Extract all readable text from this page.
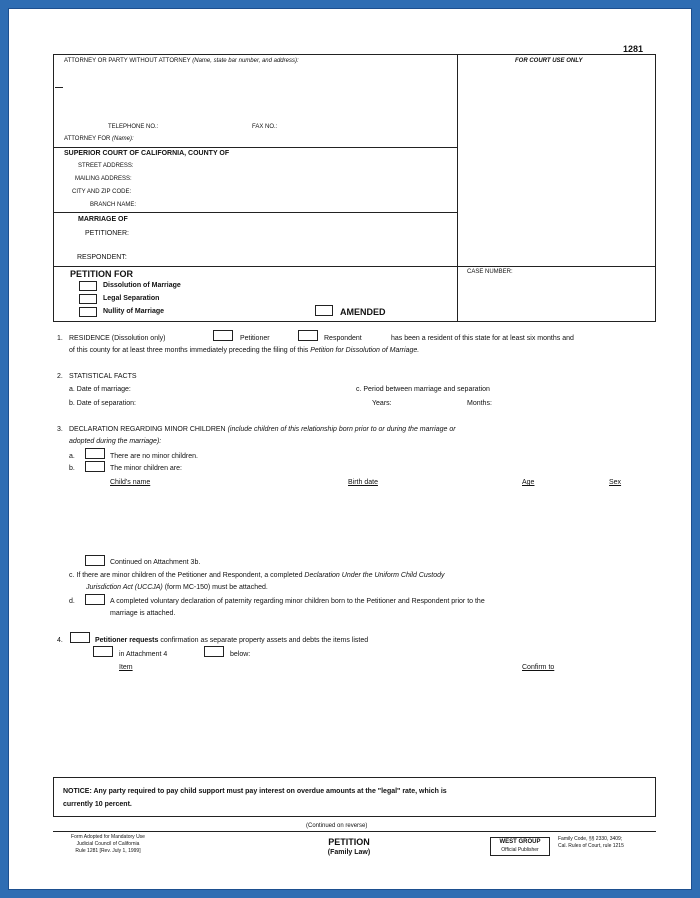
1281
ATTORNEY OR PARTY WITHOUT ATTORNEY (Name, state bar number, and address):	FOR COURT USE ONLY
TELEPHONE NO.:	FAX NO.:
ATTORNEY FOR (Name):
SUPERIOR COURT OF CALIFORNIA, COUNTY OF
STREET ADDRESS:
MAILING ADDRESS:
CITY AND ZIP CODE:
BRANCH NAME:
MARRIAGE OF
PETITIONER:
RESPONDENT:
PETITION FOR
Dissolution of Marriage
Legal Separation
Nullity of Marriage	AMENDED
CASE NUMBER:
1. RESIDENCE (Dissolution only)	Petitioner	Respondent	has been a resident of this state for at least six months and
of this county for at least three months immediately preceding the filing of this Petition for Dissolution of Marriage.
2. STATISTICAL FACTS
a. Date of marriage:
b. Date of separation:
c. Period between marriage and separation
Years:	Months:
3. DECLARATION REGARDING MINOR CHILDREN (include children of this relationship born prior to or during the marriage or
adopted during the marriage):
a.	There are no minor children.
b.	The minor children are:
Child's name	Birth date	Age	Sex
Continued on Attachment 3b.
c. If there are minor children of the Petitioner and Respondent, a completed Declaration Under the Uniform Child Custody
Jurisdiction Act (UCCJA) (form MC-150) must be attached.
d.	A completed voluntary declaration of paternity regarding minor children born to the Petitioner and Respondent prior to the
marriage is attached.
4.	Petitioner requests confirmation as separate property assets and debts the items listed
in Attachment 4	below:
Item	Confirm to
NOTICE: Any party required to pay child support must pay interest on overdue amounts at the "legal" rate, which is
currently 10 percent.
(Continued on reverse)
Form Adopted for Mandatory Use
Judicial Council of California
Rule 1281 [Rev. July 1, 1999]
PETITION
(Family Law)
WEST GROUP
Official Publisher
Family Code, §§ 2330, 3409;
Cal. Rules of Court, rule 1215
